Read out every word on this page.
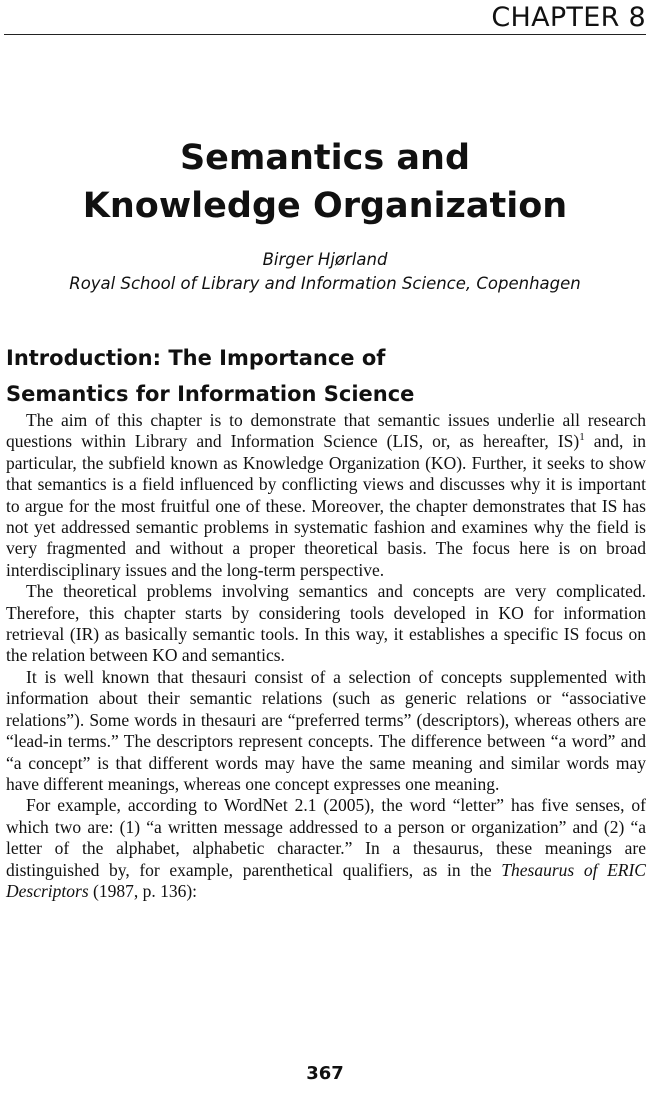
CHAPTER 8
Semantics and
Knowledge Organization
Birger Hjørland
Royal School of Library and Information Science, Copenhagen
Introduction: The Importance of
Semantics for Information Science

The aim of this chapter is to demonstrate that semantic issues underlie all research questions within Library and Information Science (LIS, or, as hereafter, IS)$^1$ and, in particular, the subfield known as Knowledge Organization (KO). Further, it seeks to show that semantics is a field influenced by conflicting views and discusses why it is important to argue for the most fruitful one of these. Moreover, the chapter demonstrates that IS has not yet addressed semantic problems in systematic fashion and examines why the field is very fragmented and without a proper theoretical basis. The focus here is on broad interdisciplinary issues and the long-term perspective.

The theoretical problems involving semantics and concepts are very complicated. Therefore, this chapter starts by considering tools developed in KO for information retrieval (IR) as basically semantic tools. In this way, it establishes a specific IS focus on the relation between KO and semantics.

It is well known that thesauri consist of a selection of concepts supplemented with information about their semantic relations (such as generic relations or “associative relations”). Some words in thesauri are “preferred terms” (descriptors), whereas others are “lead-in terms.” The descriptors represent concepts. The difference between “a word” and “a concept” is that different words may have the same meaning and similar words may have different meanings, whereas one concept expresses one meaning.

For example, according to WordNet 2.1 (2005), the word “letter” has five senses, of which two are: (1) “a written message addressed to a person or organization” and (2) “a letter of the alphabet, alphabetic character.” In a thesaurus, these meanings are distinguished by, for example, parenthetical qualifiers, as in the Thesaurus of ERIC Descriptors (1987, p. 136):

367
